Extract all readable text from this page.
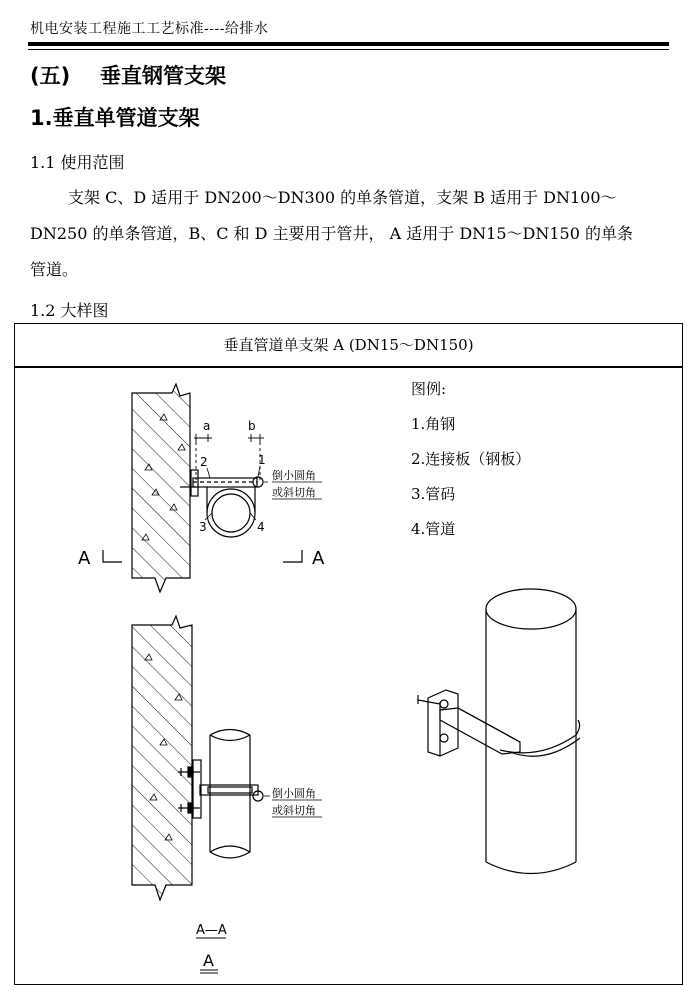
机电安装工程施工工艺标准----给排水
(五) 垂直钢管支架
1.垂直单管道支架
1.1 使用范围

支架 C、D 适用于 DN200～DN300 的单条管道，支架 B 适用于 DN100～

DN250 的单条管道，B、C 和 D 主要用于管井， A 适用于 DN15～DN150 的单条

管道。

1.2 大样图
垂直管道单支架 A (DN15～DN150)
图例:
1.角钢
2.连接板（钢板）
3.管码
4.管道
a	b
2	1
3	4
倒小圆角
或斜切角
A	A
倒小圆角
或斜切角
A—A
A
